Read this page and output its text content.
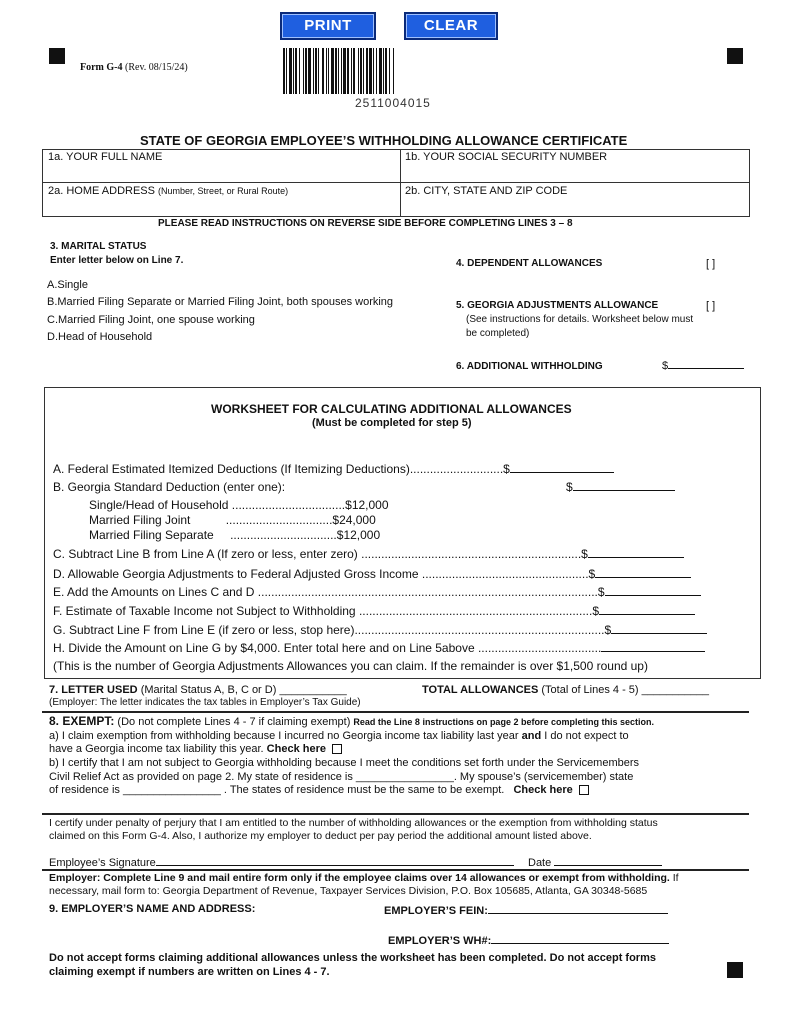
PRINT	CLEAR
Form G-4 (Rev. 08/15/24)
2511004015
STATE OF GEORGIA EMPLOYEE’S WITHHOLDING ALLOWANCE CERTIFICATE
1a. YOUR FULL NAME	1b. YOUR SOCIAL SECURITY NUMBER
2a. HOME ADDRESS (Number, Street, or Rural Route)	2b. CITY, STATE AND ZIP CODE
PLEASE READ INSTRUCTIONS ON REVERSE SIDE BEFORE COMPLETING LINES 3 – 8
3. MARITAL STATUS
Enter letter below on Line 7.
A.Single
B.Married Filing Separate or Married Filing Joint, both spouses working
C.Married Filing Joint, one spouse working
D.Head of Household
4. DEPENDENT ALLOWANCES	[ ]
5. GEORGIA ADJUSTMENTS ALLOWANCE	[ ]
(See instructions for details. Worksheet below must
be completed)
6. ADDITIONAL WITHHOLDING	$
WORKSHEET FOR CALCULATING ADDITIONAL ALLOWANCES
(Must be completed for step 5)
A. Federal Estimated Itemized Deductions (If Itemizing Deductions)............................$
B. Georgia Standard Deduction (enter one):	$
Single/Head of Household ..................................$12,000
Married Filing Joint	................................$24,000
Married Filing Separate ................................$12,000
C. Subtract Line B from Line A (If zero or less, enter zero) ..................................................................$
D. Allowable Georgia Adjustments to Federal Adjusted Gross Income ..................................................$
E. Add the Amounts on Lines C and D ......................................................................................................$
F. Estimate of Taxable Income not Subject to Withholding ......................................................................$
G. Subtract Line F from Line E (if zero or less, stop here)...........................................................................$
H. Divide the Amount on Line G by $4,000. Enter total here and on Line 5above .....................................
(This is the number of Georgia Adjustments Allowances you can claim. If the remainder is over $1,500 round up)
7. LETTER USED (Marital Status A, B, C or D) ___________	TOTAL ALLOWANCES (Total of Lines 4 - 5) ___________
(Employer: The letter indicates the tax tables in Employer’s Tax Guide)
8. EXEMPT: (Do not complete Lines 4 - 7 if claiming exempt) Read the Line 8 instructions on page 2 before completing this section.
a) I claim exemption from withholding because I incurred no Georgia income tax liability last year and I do not expect to
have a Georgia income tax liability this year. Check here
b) I certify that I am not subject to Georgia withholding because I meet the conditions set forth under the Servicemembers
Civil Relief Act as provided on page 2. My state of residence is ________________. My spouse’s (servicemember) state
of residence is ________________ . The states of residence must be the same to be exempt. Check here
I certify under penalty of perjury that I am entitled to the number of withholding allowances or the exemption from withholding status
claimed on this Form G-4. Also, I authorize my employer to deduct per pay period the additional amount listed above.
Employee’s Signature	Date
Employer: Complete Line 9 and mail entire form only if the employee claims over 14 allowances or exempt from withholding. If
necessary, mail form to: Georgia Department of Revenue, Taxpayer Services Division, P.O. Box 105685, Atlanta, GA 30348-5685
9. EMPLOYER’S NAME AND ADDRESS:	EMPLOYER’S FEIN:
EMPLOYER’S WH#:
Do not accept forms claiming additional allowances unless the worksheet has been completed. Do not accept forms
claiming exempt if numbers are written on Lines 4 - 7.
